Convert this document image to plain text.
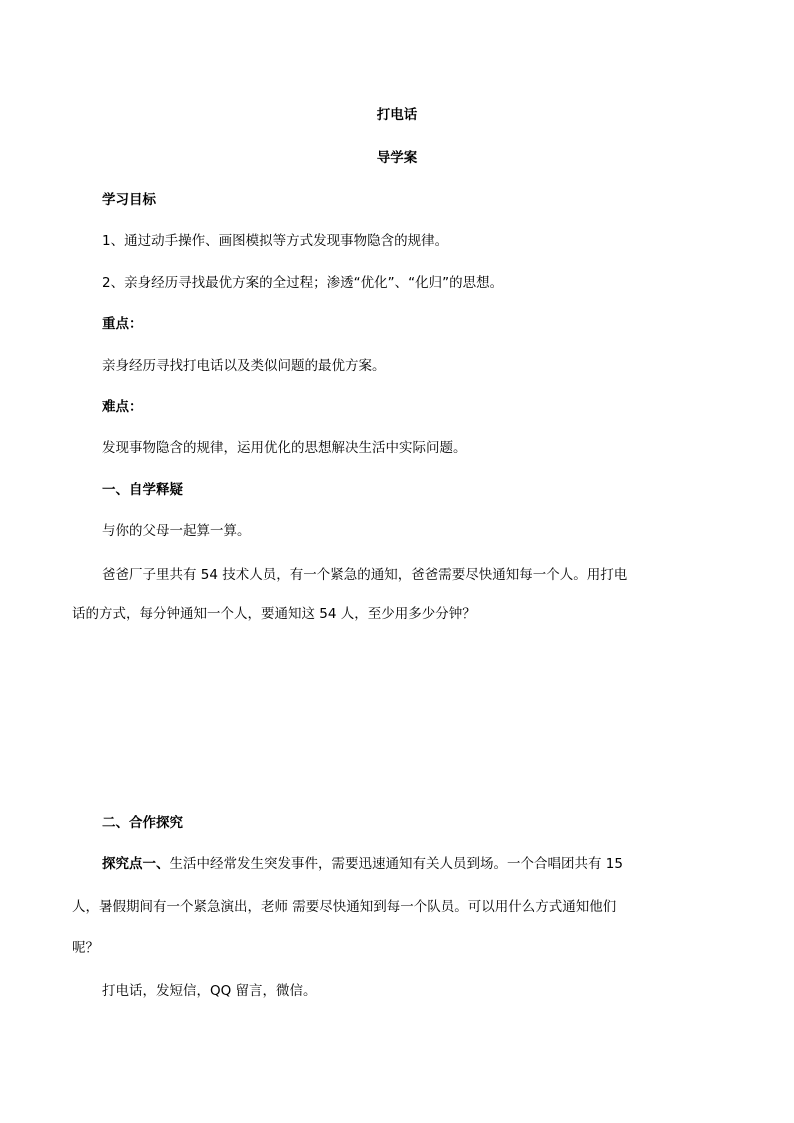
打电话
导学案
学习目标
1、通过动手操作、画图模拟等方式发现事物隐含的规律。
2、亲身经历寻找最优方案的全过程；渗透“优化”、“化归”的思想。
重点：
亲身经历寻找打电话以及类似问题的最优方案。
难点：
发现事物隐含的规律，运用优化的思想解决生活中实际问题。
一、自学释疑
与你的父母一起算一算。
爸爸厂子里共有 54 技术人员，有一个紧急的通知，爸爸需要尽快通知每一个人。用打电
话的方式，每分钟通知一个人，要通知这 54 人，至少用多少分钟？
二、合作探究
探究点一、生活中经常发生突发事件，需要迅速通知有关人员到场。一个合唱团共有 15
人，暑假期间有一个紧急演出，老师 需要尽快通知到每一个队员。可以用什么方式通知他们
呢？
打电话，发短信，QQ 留言，微信。
